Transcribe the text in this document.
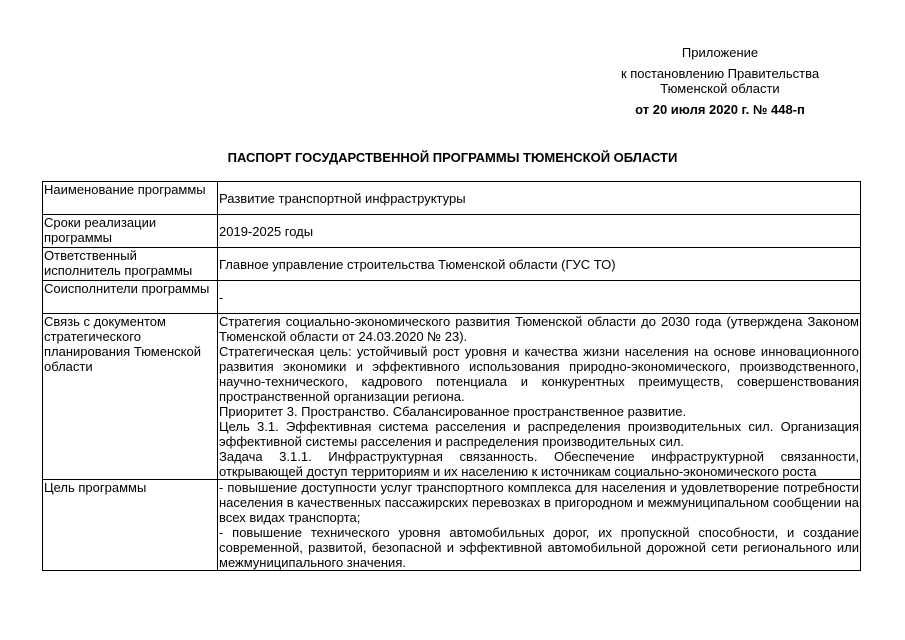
Приложение
к постановлению Правительства
Тюменской области
от 20 июля 2020 г. № 448-п
ПАСПОРТ ГОСУДАРСТВЕННОЙ ПРОГРАММЫ ТЮМЕНСКОЙ ОБЛАСТИ
Наименование программы	Развитие транспортной инфраструктуры
Сроки реализации программы	2019-2025 годы
Ответственный исполнитель программы	Главное управление строительства Тюменской области (ГУС ТО)
Соисполнители программы	-
Связь с документом стратегического планирования Тюменской области	Стратегия социально-экономического развития Тюменской области до 2030 года (утверждена Законом Тюменской области от 24.03.2020 № 23).
Стратегическая цель: устойчивый рост уровня и качества жизни населения на основе инновационного развития экономики и эффективного использования природно-экономического, производственного, научно-технического, кадрового потенциала и конкурентных преимуществ, совершенствования пространственной организации региона.
Приоритет 3. Пространство. Сбалансированное пространственное развитие.
Цель 3.1. Эффективная система расселения и распределения производительных сил. Организация эффективной системы расселения и распределения производительных сил.
Задача 3.1.1. Инфраструктурная связанность. Обеспечение инфраструктурной связанности, открывающей доступ территориям и их населению к источникам социально-экономического роста

Цель программы	- повышение доступности услуг транспортного комплекса для населения и удовлетворение потребности населения в качественных пассажирских перевозках в пригородном и межмуниципальном сообщении на всех видах транспорта;
- повышение технического уровня автомобильных дорог, их пропускной способности, и создание современной, развитой, безопасной и эффективной автомобильной дорожной сети регионального или межмуниципального значения.
